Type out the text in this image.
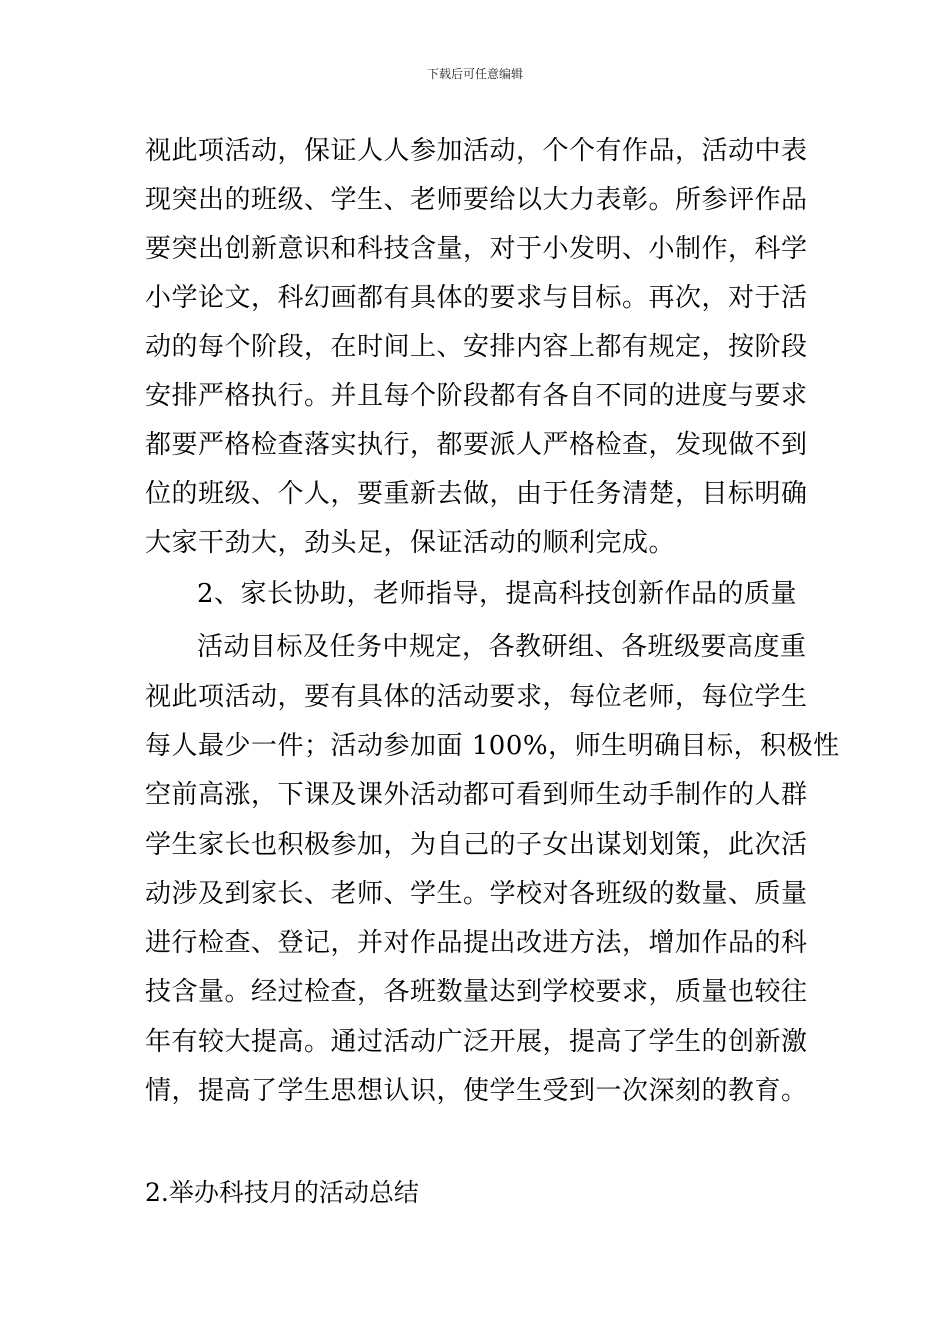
下载后可任意编辑
视此项活动，保证人人参加活动，个个有作品，活动中表
现突出的班级、学生、老师要给以大力表彰。所参评作品
要突出创新意识和科技含量，对于小发明、小制作，科学
小学论文，科幻画都有具体的要求与目标。再次，对于活
动的每个阶段，在时间上、安排内容上都有规定，按阶段
安排严格执行。并且每个阶段都有各自不同的进度与要求
都要严格检查落实执行，都要派人严格检查，发现做不到
位的班级、个人，要重新去做，由于任务清楚，目标明确
大家干劲大，劲头足，保证活动的顺利完成。
2、家长协助，老师指导，提高科技创新作品的质量
活动目标及任务中规定，各教研组、各班级要高度重
视此项活动，要有具体的活动要求，每位老师，每位学生
每人最少一件；活动参加面 100%，师生明确目标，积极性
空前高涨，下课及课外活动都可看到师生动手制作的人群
学生家长也积极参加，为自己的子女出谋划划策，此次活
动涉及到家长、老师、学生。学校对各班级的数量、质量
进行检查、登记，并对作品提出改进方法，增加作品的科
技含量。经过检查，各班数量达到学校要求，质量也较往
年有较大提高。通过活动广泛开展，提高了学生的创新激
情，提高了学生思想认识，使学生受到一次深刻的教育。
2.举办科技月的活动总结
